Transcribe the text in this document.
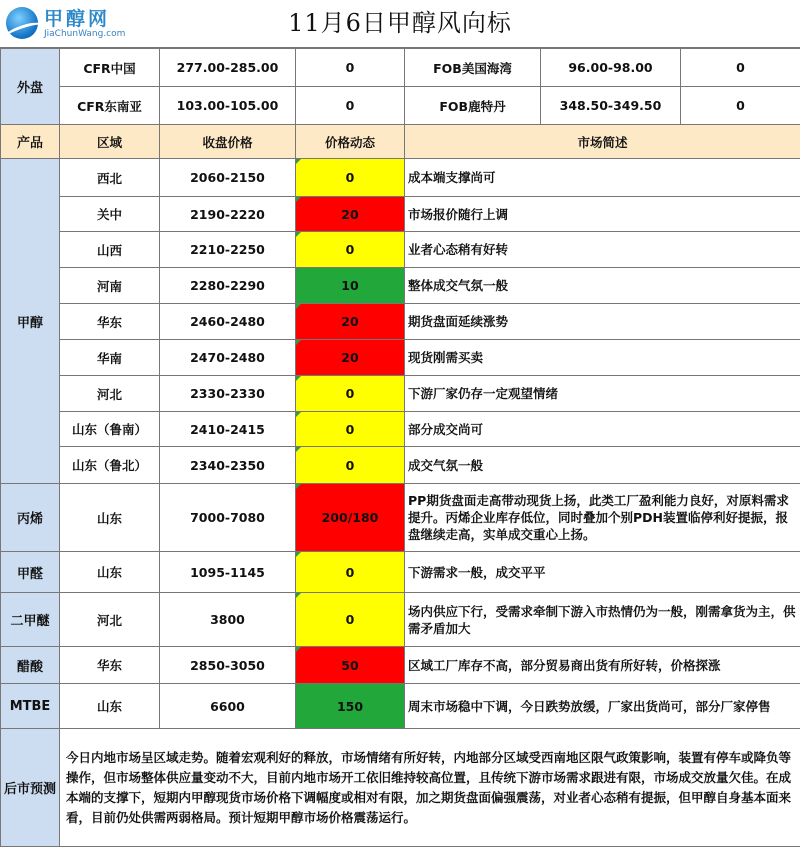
甲醇网
JiaChunWang.com	11月6日甲醇风向标
外盘	CFR中国	277.00-285.00	0	FOB美国海湾	96.00-98.00	0
	CFR东南亚	103.00-105.00	0	FOB鹿特丹	348.50-349.50	0
产品	区域	收盘价格	价格动态	市场简述		
甲醇	西北	2060-2150	0	成本端支撑尚可		
	关中	2190-2220	20	市场报价随行上调		
	山西	2210-2250	0	业者心态稍有好转		
	河南	2280-2290	10	整体成交气氛一般		
	华东	2460-2480	20	期货盘面延续涨势		
	华南	2470-2480	20	现货刚需买卖		
	河北	2330-2330	0	下游厂家仍存一定观望情绪		
	山东（鲁南）	2410-2415	0	部分成交尚可		
	山东（鲁北）	2340-2350	0	成交气氛一般		
丙烯	山东	7000-7080	200/180	PP期货盘面走高带动现货上扬，此类工厂盈利能力良好，对原料需求提升。丙烯企业库存低位，同时叠加个别PDH装置临停利好提振，报盘继续走高，实单成交重心上扬。		
甲醛	山东	1095-1145	0	下游需求一般，成交平平		
二甲醚	河北	3800	0	场内供应下行，受需求牵制下游入市热情仍为一般，刚需拿货为主，供需矛盾加大		
醋酸	华东	2850-3050	50	区域工厂库存不高，部分贸易商出货有所好转，价格探涨		
MTBE	山东	6600	150	周末市场稳中下调，今日跌势放缓，厂家出货尚可，部分厂家停售		
后市预测	今日内地市场呈区域走势。随着宏观利好的释放，市场情绪有所好转，内地部分区域受西南地区限气政策影响，装置有停车或降负等操作，但市场整体供应量变动不大，目前内地市场开工依旧维持较高位置，且传统下游市场需求跟进有限，市场成交放量欠佳。在成本端的支撑下，短期内甲醇现货市场价格下调幅度或相对有限，加之期货盘面偏强震荡，对业者心态稍有提振，但甲醇自身基本面来看，目前仍处供需两弱格局。预计短期甲醇市场价格震荡运行。					
